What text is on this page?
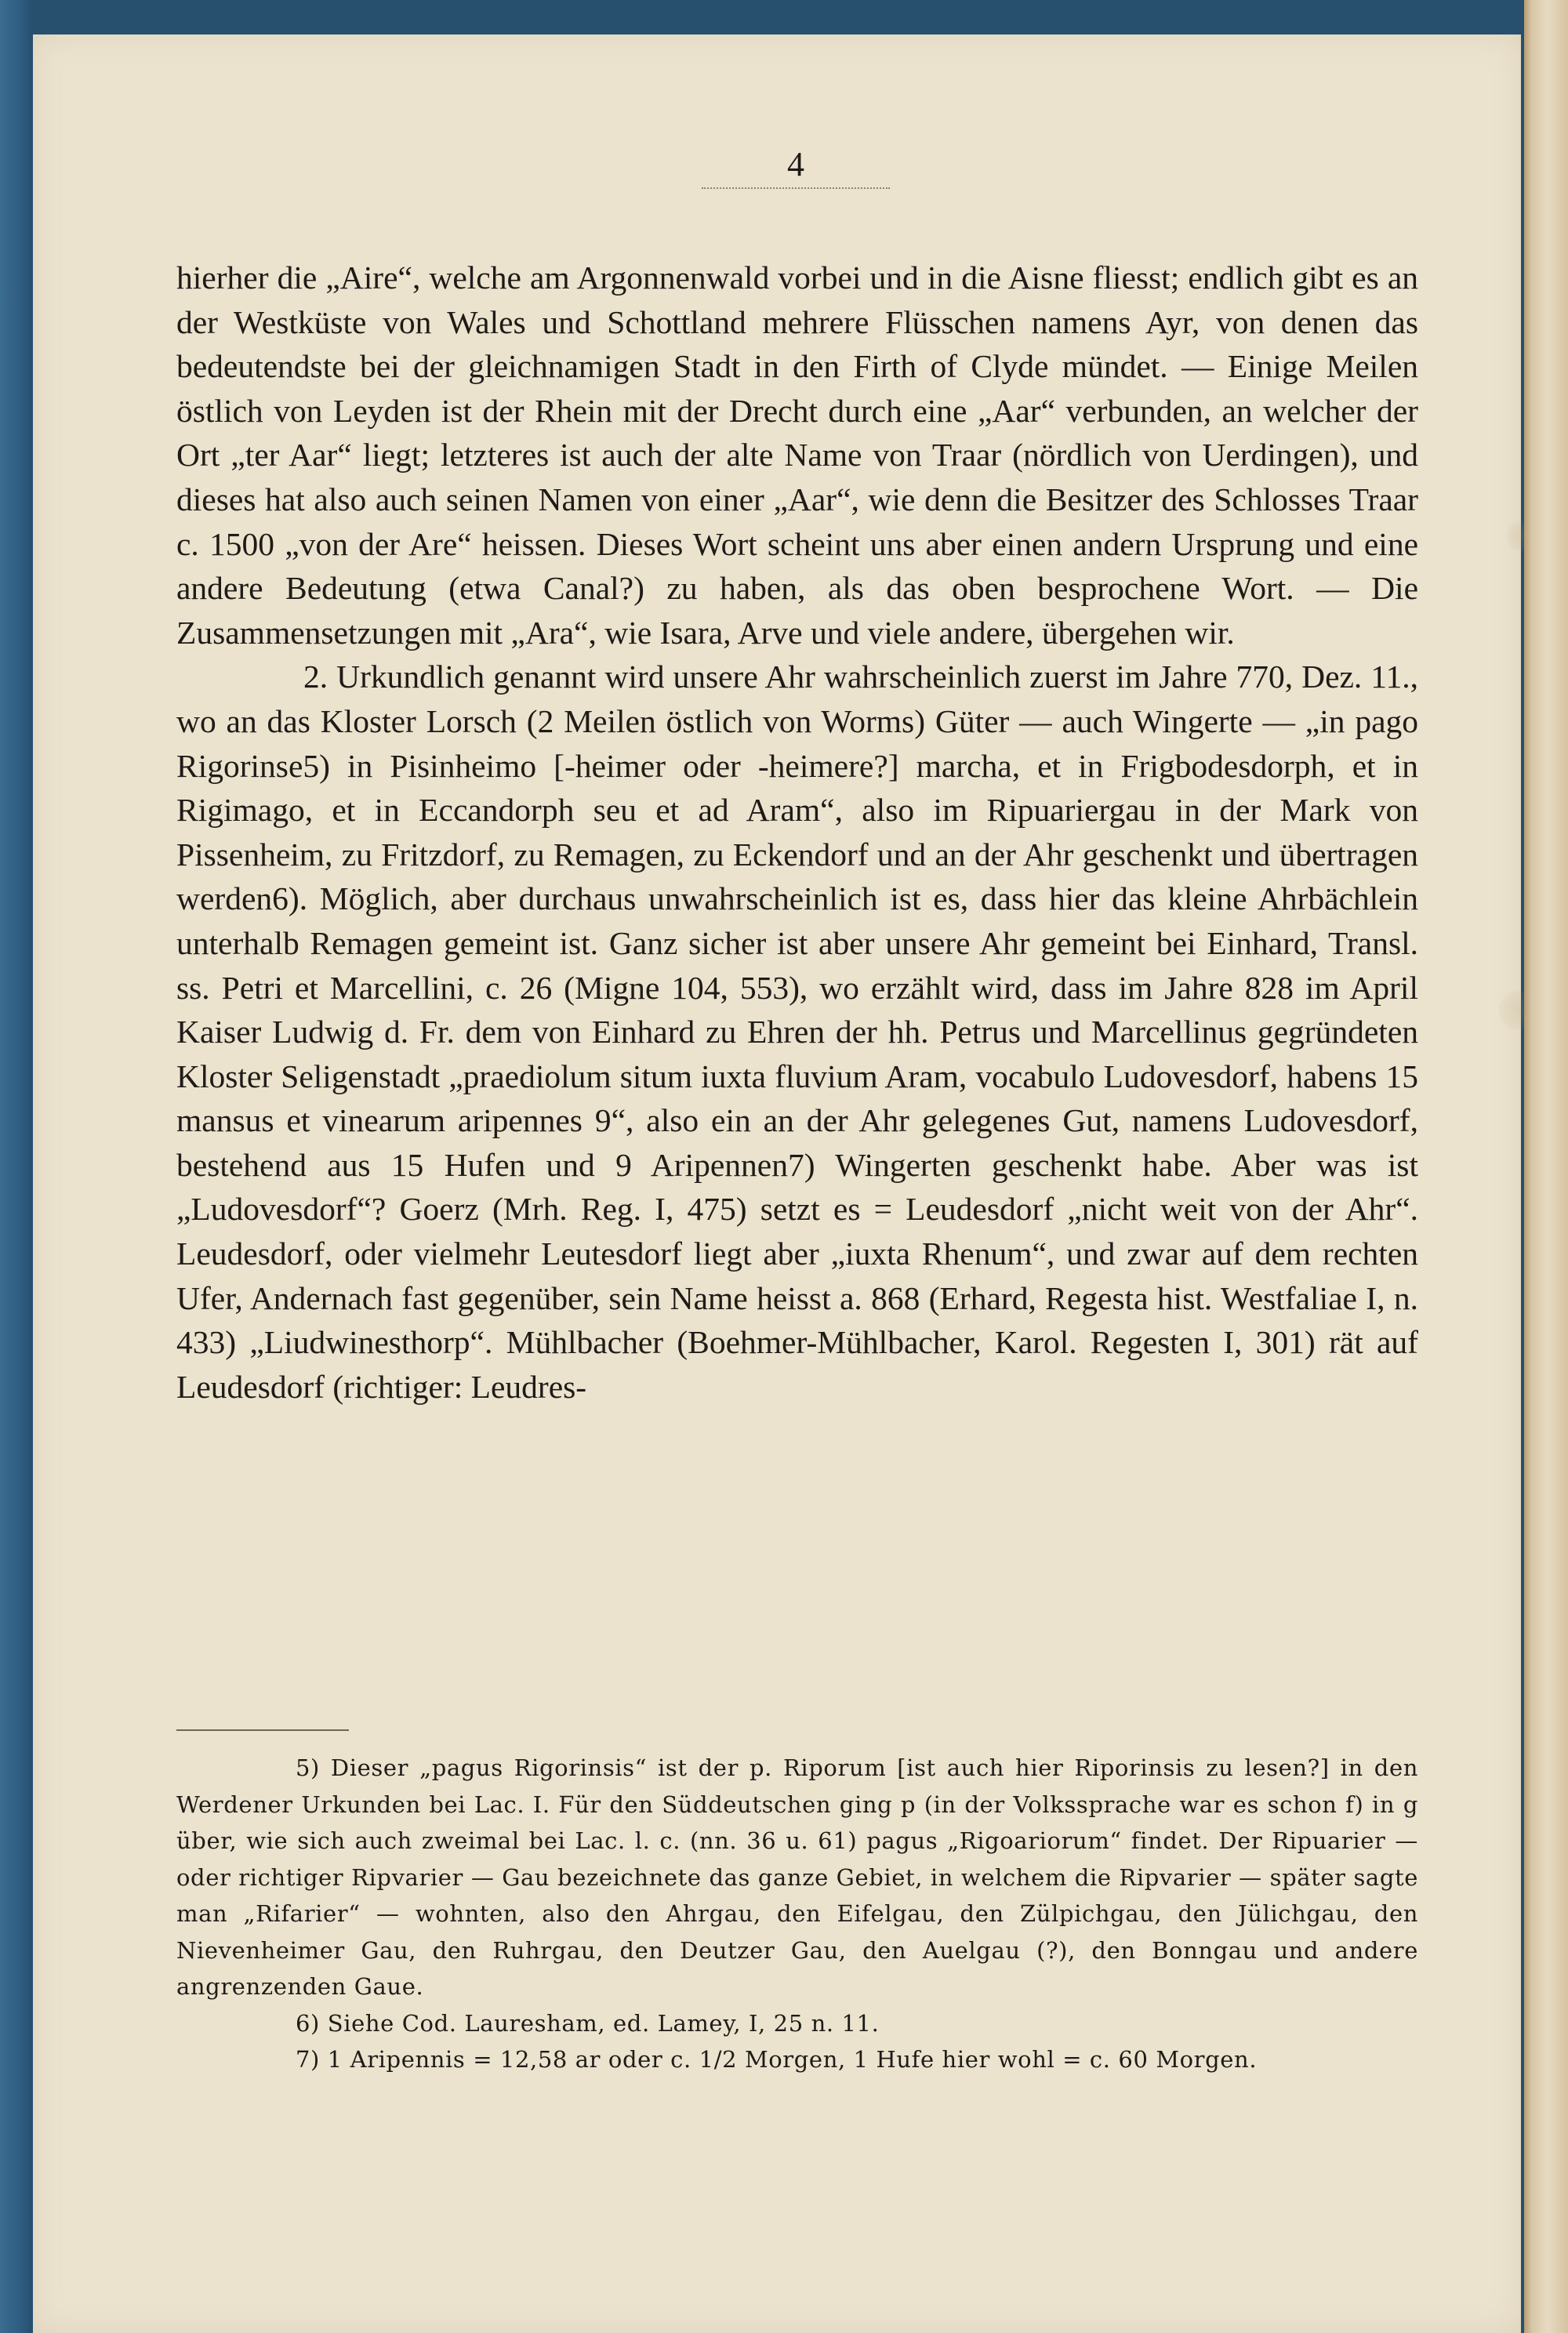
4

hierher die „Aire“, welche am Argonnenwald vorbei und in die Aisne fliesst; endlich gibt es an der Westküste von Wales und Schottland mehrere Flüsschen namens Ayr, von denen das bedeutendste bei der gleichnamigen Stadt in den Firth of Clyde mündet. — Einige Meilen östlich von Leyden ist der Rhein mit der Drecht durch eine „Aar“ verbunden, an welcher der Ort „ter Aar“ liegt; letzteres ist auch der alte Name von Traar (nördlich von Uerdingen), und dieses hat also auch seinen Namen von einer „Aar“, wie denn die Besitzer des Schlosses Traar c. 1500 „von der Are“ heissen. Dieses Wort scheint uns aber einen andern Ursprung und eine andere Bedeutung (etwa Canal?) zu haben, als das oben besprochene Wort. — Die Zusammensetzungen mit „Ara“, wie Isara, Arve und viele andere, übergehen wir.

2. Urkundlich genannt wird unsere Ahr wahrscheinlich zuerst im Jahre 770, Dez. 11., wo an das Kloster Lorsch (2 Meilen östlich von Worms) Güter — auch Wingerte — „in pago Rigorinse5) in Pisinheimo [-heimer oder -heimere?] marcha, et in Frigbodesdorph, et in Rigimago, et in Eccandorph seu et ad Aram“, also im Ripuariergau in der Mark von Pissenheim, zu Fritzdorf, zu Remagen, zu Eckendorf und an der Ahr geschenkt und übertragen werden6). Möglich, aber durchaus unwahrscheinlich ist es, dass hier das kleine Ahrbächlein unterhalb Remagen gemeint ist. Ganz sicher ist aber unsere Ahr gemeint bei Einhard, Transl. ss. Petri et Marcellini, c. 26 (Migne 104, 553), wo erzählt wird, dass im Jahre 828 im April Kaiser Ludwig d. Fr. dem von Einhard zu Ehren der hh. Petrus und Marcellinus gegründeten Kloster Seligenstadt „praediolum situm iuxta fluvium Aram, vocabulo Ludovesdorf, habens 15 mansus et vinearum aripennes 9“, also ein an der Ahr gelegenes Gut, namens Ludovesdorf, bestehend aus 15 Hufen und 9 Aripennen7) Wingerten geschenkt habe. Aber was ist „Ludovesdorf“? Goerz (Mrh. Reg. I, 475) setzt es = Leudesdorf „nicht weit von der Ahr“. Leudesdorf, oder vielmehr Leutesdorf liegt aber „iuxta Rhenum“, und zwar auf dem rechten Ufer, Andernach fast gegenüber, sein Name heisst a. 868 (Erhard, Regesta hist. Westfaliae I, n. 433) „Liudwinesthorp“. Mühlbacher (Boehmer-Mühlbacher, Karol. Regesten I, 301) rät auf Leudesdorf (richtiger: Leudres-

5) Dieser „pagus Rigorinsis“ ist der p. Riporum [ist auch hier Riporinsis zu lesen?] in den Werdener Urkunden bei Lac. I. Für den Süddeutschen ging p (in der Volkssprache war es schon f) in g über, wie sich auch zweimal bei Lac. l. c. (nn. 36 u. 61) pagus „Rigoariorum“ findet. Der Ripuarier — oder richtiger Ripvarier — Gau bezeichnete das ganze Gebiet, in welchem die Ripvarier — später sagte man „Rifarier“ — wohnten, also den Ahrgau, den Eifelgau, den Zülpichgau, den Jülichgau, den Nievenheimer Gau, den Ruhrgau, den Deutzer Gau, den Auelgau (?), den Bonngau und andere angrenzenden Gaue.

6) Siehe Cod. Lauresham, ed. Lamey, I, 25 n. 11.

7) 1 Aripennis = 12,58 ar oder c. 1/2 Morgen, 1 Hufe hier wohl = c. 60 Morgen.
